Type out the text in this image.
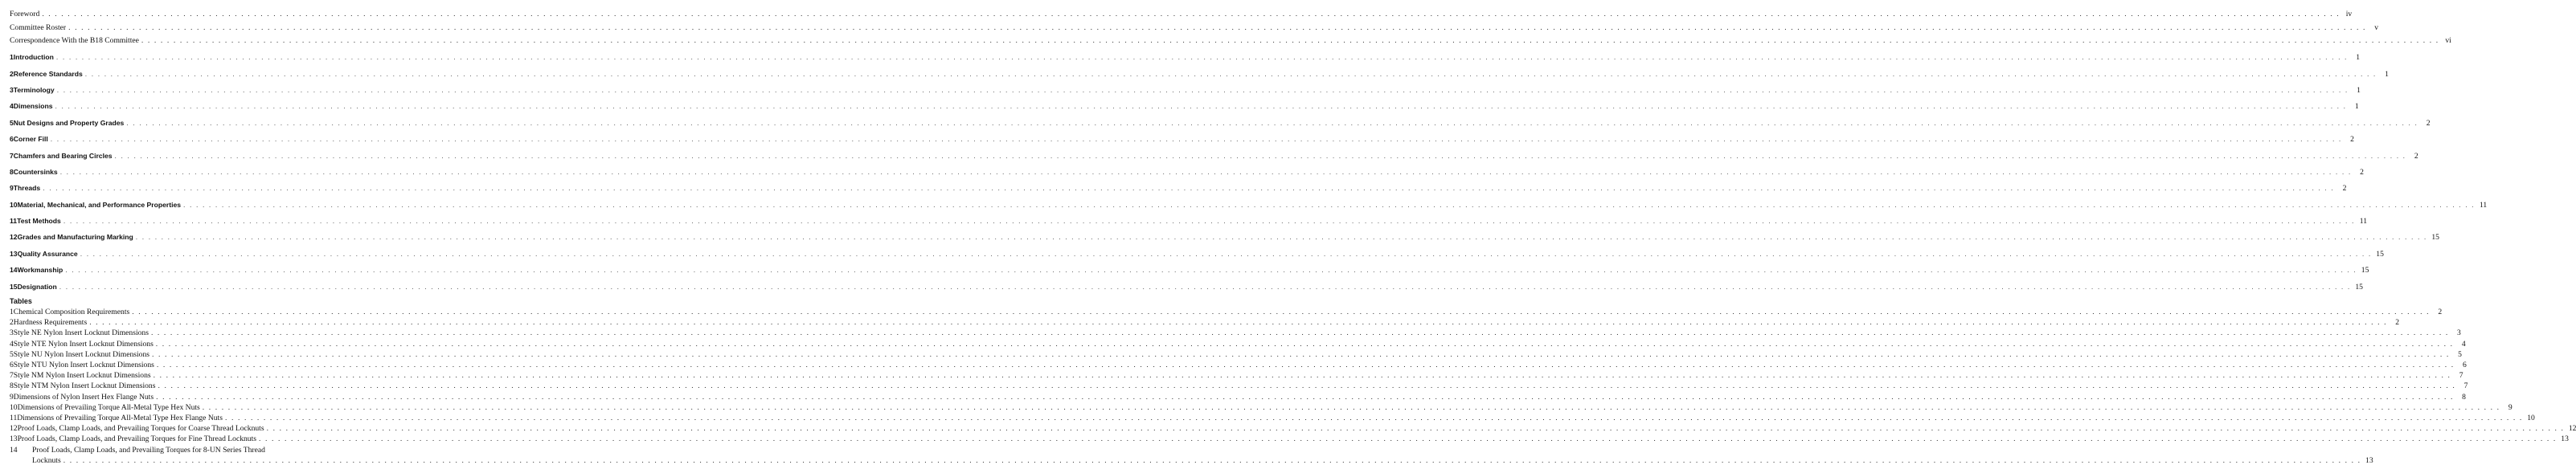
Foreword . . .	iv
Committee Roster . . .	v
Correspondence With the B18 Committee . . .	vi
1 Introduction . . .	1
2 Reference Standards . . .	1
3 Terminology . . .	1
4 Dimensions . . .	1
5 Nut Designs and Property Grades . . .	2
6 Corner Fill . . .	2
7 Chamfers and Bearing Circles . . .	2
8 Countersinks . . .	2
9 Threads . . .	2
10 Material, Mechanical, and Performance Properties . . .	11
11 Test Methods . . .	11
12 Grades and Manufacturing Marking . . .	15
13 Quality Assurance . . .	15
14 Workmanship . . .	15
15 Designation . . .	15
Tables
1 Chemical Composition Requirements . . .	2
2 Hardness Requirements . . .	2
3 Style NE Nylon Insert Locknut Dimensions . . .	3
4 Style NTE Nylon Insert Locknut Dimensions . . .	4
5 Style NU Nylon Insert Locknut Dimensions . . .	5
6 Style NTU Nylon Insert Locknut Dimensions . . .	6
7 Style NM Nylon Insert Locknut Dimensions . . .	7
8 Style NTM Nylon Insert Locknut Dimensions . . .	7
9 Dimensions of Nylon Insert Hex Flange Nuts . . .	8
10 Dimensions of Prevailing Torque All-Metal Type Hex Nuts . . .	9
11 Dimensions of Prevailing Torque All-Metal Type Hex Flange Nuts . . .	10
12 Proof Loads, Clamp Loads, and Prevailing Torques for Coarse Thread Locknuts . . .	12
13 Proof Loads, Clamp Loads, and Prevailing Torques for Fine Thread Locknuts . . .	13
14	Proof Loads, Clamp Loads, and Prevailing Torques for 8-UN Series Thread
Locknuts . . .	13
